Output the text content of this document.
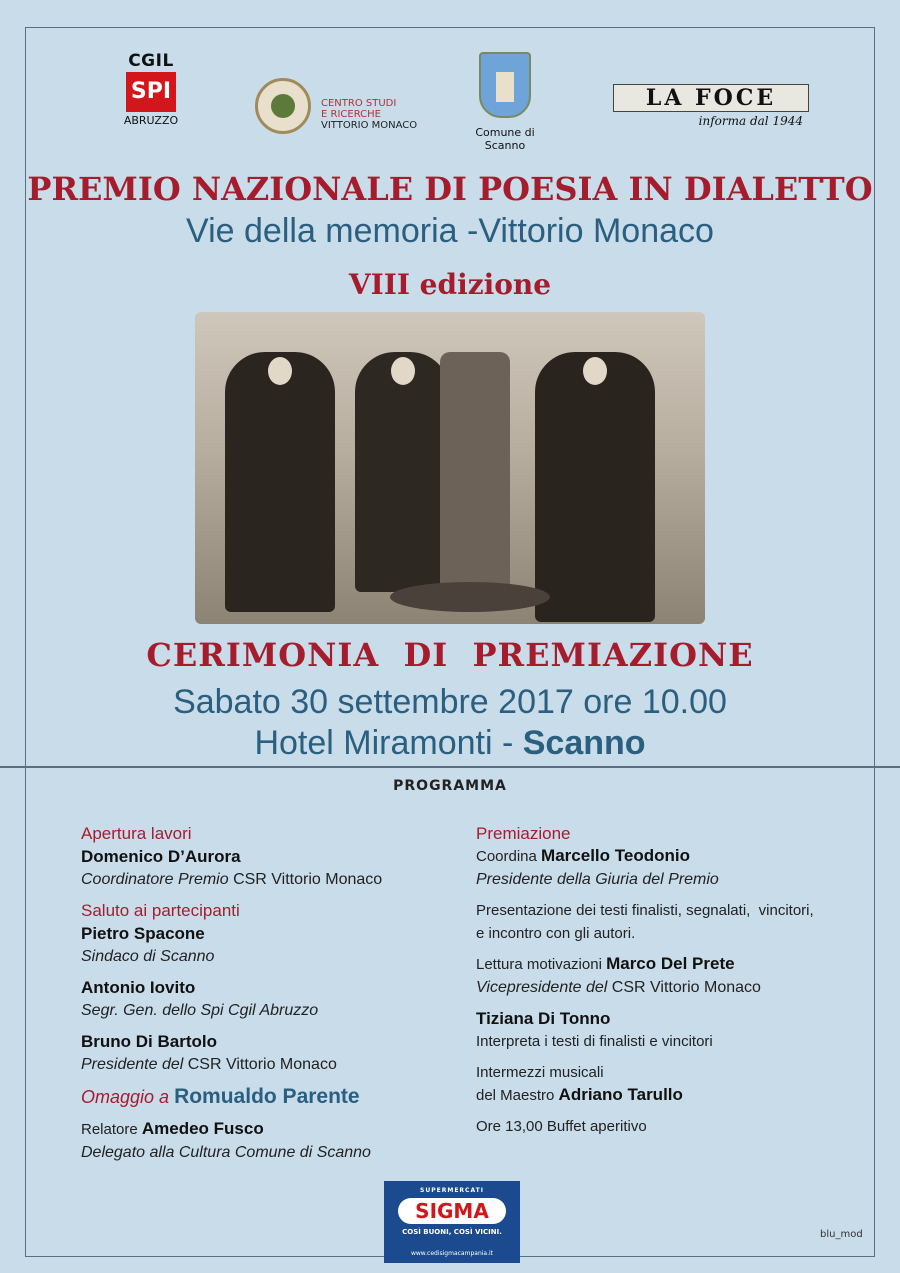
CGIL
SPI
ABRUZZO
CENTRO STUDI
E RICERCHE
VITTORIO MONACO
Comune di Scanno
LA FOCE
informa dal 1944
PREMIO NAZIONALE DI POESIA IN DIALETTO
Vie della memoria -Vittorio Monaco
VIII edizione
CERIMONIA  DI  PREMIAZIONE
Sabato 30 settembre 2017 ore 10.00
Hotel Miramonti - Scanno
PROGRAMMA
Apertura lavori
Domenico D’Aurora
Coordinatore Premio CSR Vittorio Monaco
Saluto ai partecipanti
Pietro Spacone
Sindaco di Scanno
Antonio Iovito
Segr. Gen. dello Spi Cgil Abruzzo
Bruno Di Bartolo
Presidente del CSR Vittorio Monaco
Omaggio a Romualdo Parente
Relatore Amedeo Fusco
Delegato alla Cultura Comune di Scanno
Premiazione
Coordina Marcello Teodonio
Presidente della Giuria del Premio
Presentazione dei testi finalisti, segnalati,  vincitori,
e incontro con gli autori.
Lettura motivazioni Marco Del Prete
Vicepresidente del CSR Vittorio Monaco
Tiziana Di Tonno
Interpreta i testi di finalisti e vincitori
Intermezzi musicali
del Maestro Adriano Tarullo
Ore 13,00 Buffet aperitivo
SUPERMERCATI
SIGMA
COSÌ BUONI, COSÌ VICINI.
www.cedisigmacampania.it
blu_mod
